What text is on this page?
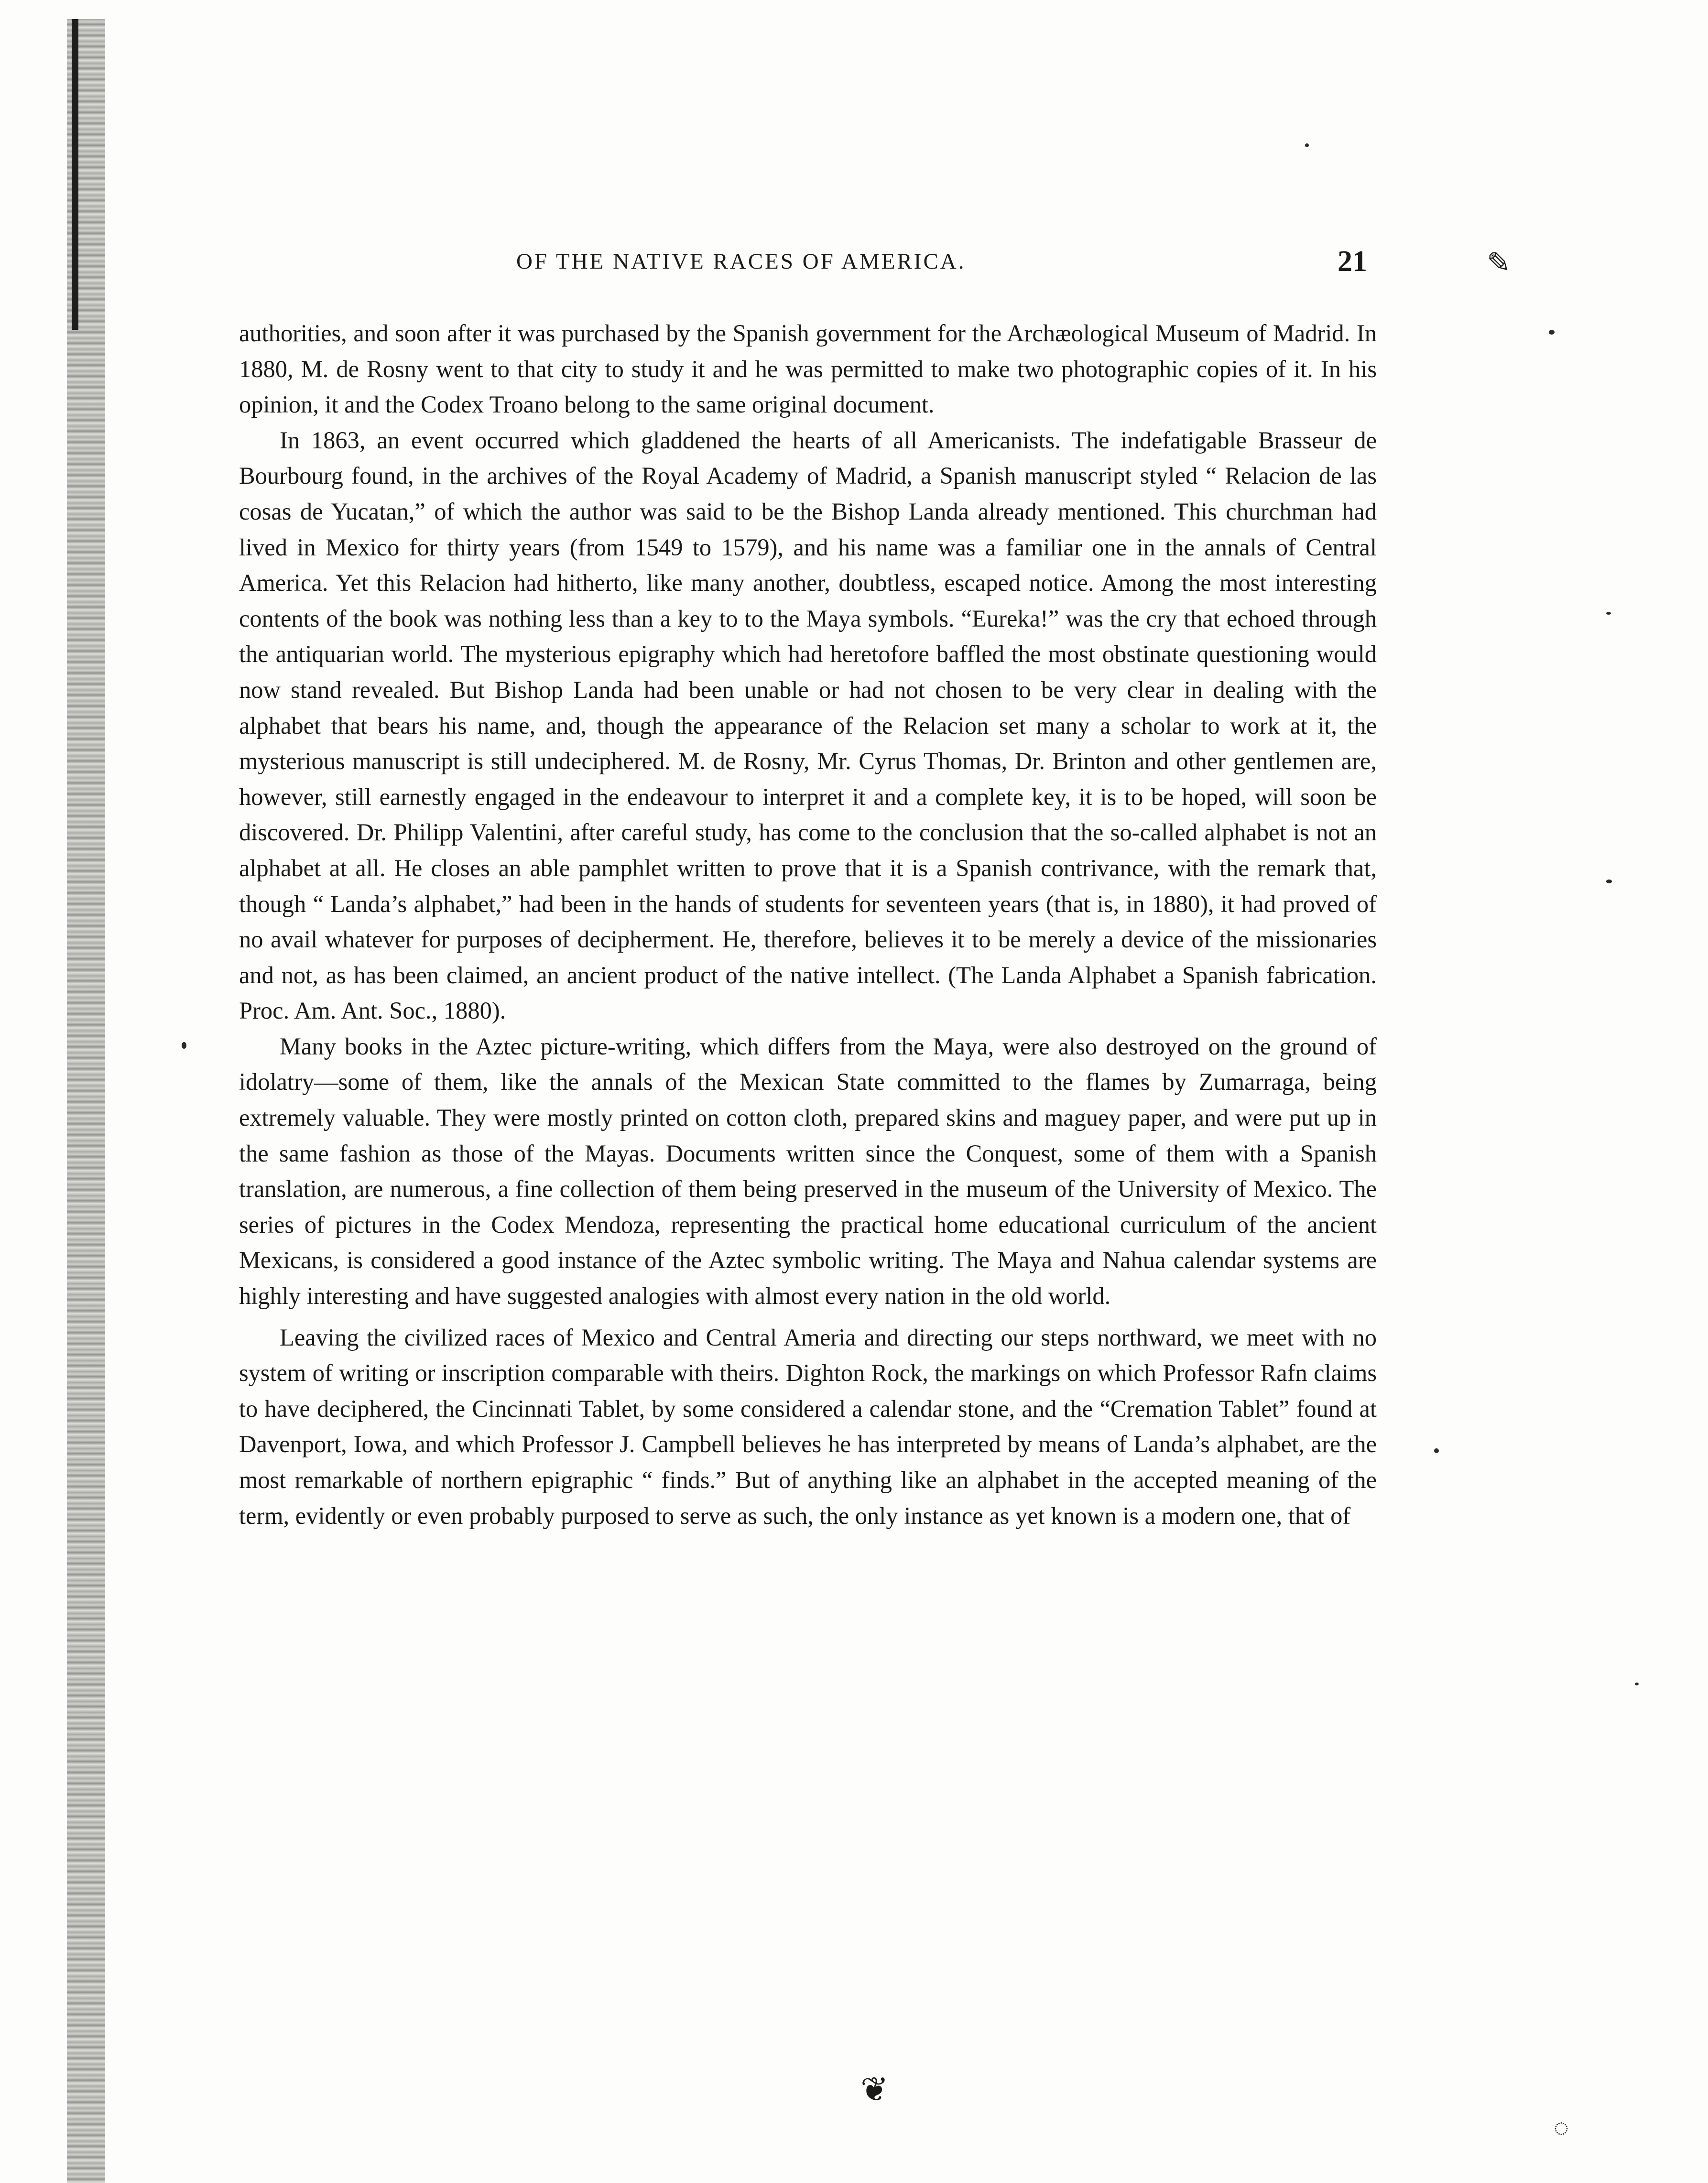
✎
OF THE NATIVE RACES OF AMERICA.	21

authorities, and soon after it was purchased by the Spanish government for the Archæological Museum of Madrid. In 1880, M. de Rosny went to that city to study it and he was permitted to make two photographic copies of it. In his opinion, it and the Codex Troano belong to the same original document.

In 1863, an event occurred which gladdened the hearts of all Americanists. The indefatigable Brasseur de Bourbourg found, in the archives of the Royal Academy of Madrid, a Spanish manuscript styled “ Relacion de las cosas de Yucatan,” of which the author was said to be the Bishop Landa already mentioned. This churchman had lived in Mexico for thirty years (from 1549 to 1579), and his name was a familiar one in the annals of Central America. Yet this Relacion had hitherto, like many another, doubtless, escaped notice. Among the most interesting contents of the book was nothing less than a key to to the Maya symbols. “Eureka!” was the cry that echoed through the antiquarian world. The mysterious epigraphy which had heretofore baffled the most obstinate questioning would now stand revealed. But Bishop Landa had been unable or had not chosen to be very clear in dealing with the alphabet that bears his name, and, though the appearance of the Relacion set many a scholar to work at it, the mysterious manuscript is still undeciphered. M. de Rosny, Mr. Cyrus Thomas, Dr. Brinton and other gentlemen are, however, still earnestly engaged in the endeavour to interpret it and a complete key, it is to be hoped, will soon be discovered. Dr. Philipp Valentini, after careful study, has come to the conclusion that the so-called alphabet is not an alphabet at all. He closes an able pamphlet written to prove that it is a Spanish contrivance, with the remark that, though “ Landa’s alphabet,” had been in the hands of students for seventeen years (that is, in 1880), it had proved of no avail whatever for purposes of decipherment. He, therefore, believes it to be merely a device of the missionaries and not, as has been claimed, an ancient product of the native intellect. (The Landa Alphabet a Spanish fabrication. Proc. Am. Ant. Soc., 1880).

Many books in the Aztec picture-writing, which differs from the Maya, were also destroyed on the ground of idolatry—some of them, like the annals of the Mexican State committed to the flames by Zumarraga, being extremely valuable. They were mostly printed on cotton cloth, prepared skins and maguey paper, and were put up in the same fashion as those of the Mayas. Documents written since the Conquest, some of them with a Spanish translation, are numerous, a fine collection of them being preserved in the museum of the University of Mexico. The series of pictures in the Codex Mendoza, representing the practical home educational curriculum of the ancient Mexicans, is considered a good instance of the Aztec symbolic writing. The Maya and Nahua calendar systems are highly interesting and have suggested analogies with almost every nation in the old world.

Leaving the civilized races of Mexico and Central Ameria and directing our steps northward, we meet with no system of writing or inscription comparable with theirs. Dighton Rock, the markings on which Professor Rafn claims to have deciphered, the Cincinnati Tablet, by some considered a calendar stone, and the “Cremation Tablet” found at Davenport, Iowa, and which Professor J. Campbell believes he has interpreted by means of Landa’s alphabet, are the most remarkable of northern epigraphic “ finds.” But of anything like an alphabet in the accepted meaning of the term, evidently or even probably purposed to serve as such, the only instance as yet known is a modern one, that of

❦
◌
